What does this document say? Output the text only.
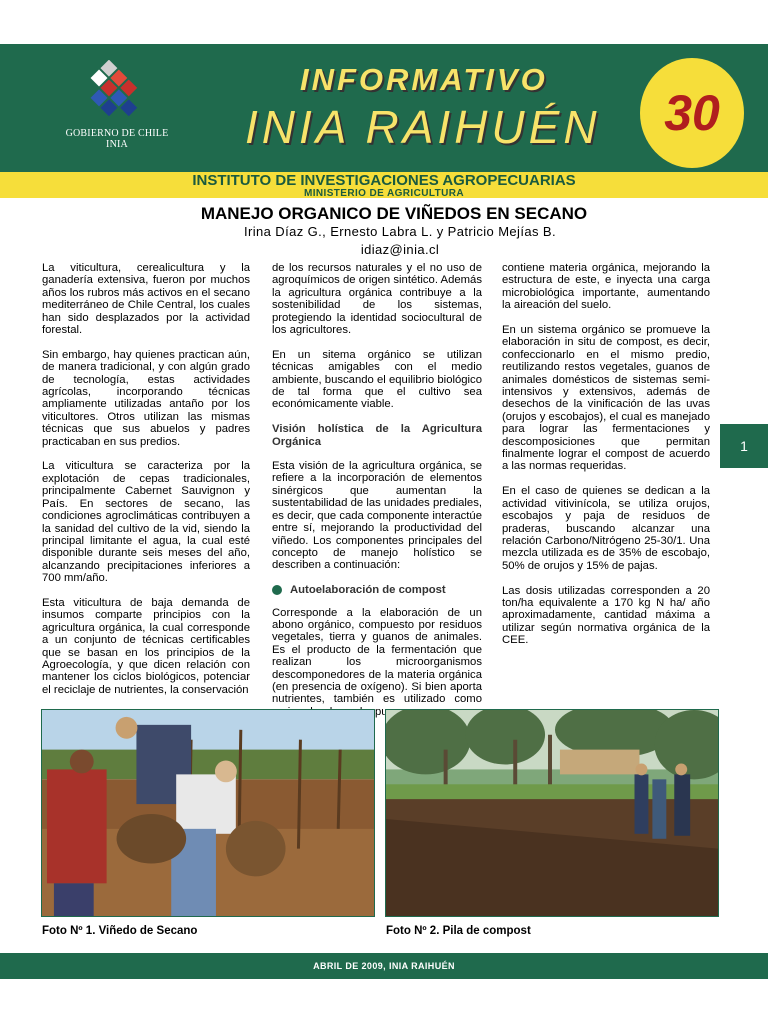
GOBIERNO DE CHILE
INIA
INFORMATIVO
INIA RAIHUÉN 30
INSTITUTO DE INVESTIGACIONES AGROPECUARIAS
MINISTERIO DE AGRICULTURA
MANEJO ORGANICO DE VIÑEDOS EN SECANO
Irina Díaz G., Ernesto Labra L. y Patricio Mejías B.
idiaz@inia.cl

La viticultura, cerealicultura y la ganadería extensiva, fueron por muchos años los rubros más activos en el secano mediterráneo de Chile Central, los cuales han sido desplazados por la actividad forestal.

Sin embargo, hay quienes practican aún, de manera tradicional, y con algún grado de tecnología, estas actividades agrícolas, incorporando técnicas ampliamente utilizadas antaño por los viticultores. Otros utilizan las mismas técnicas que sus abuelos y padres practicaban en sus predios.

La viticultura se caracteriza por la explotación de cepas tradicionales, principalmente Cabernet Sauvignon y País. En sectores de secano, las condiciones agroclimáticas contribuyen a la sanidad del cultivo de la vid, siendo la principal limitante el agua, la cual esté disponible durante seis meses del año, alcanzando precipitaciones inferiores a 700 mm/año.

Esta viticultura de baja demanda de insumos comparte principios con la agricultura orgánica, la cual corresponde a un conjunto de técnicas certificables que se basan en los principios de la Agroecología, y que dicen relación con mantener los ciclos biológicos, potenciar el reciclaje de nutrientes, la conservación

de los recursos naturales y el no uso de agroquímicos de origen sintético. Además la agricultura orgánica contribuye a la sostenibilidad de los sistemas, protegiendo la identidad sociocultural de los agricultores.

En un sitema orgánico se utilizan técnicas amigables con el medio ambiente, buscando el equilibrio biológico de tal forma que el cultivo sea económicamente viable.

Visión holística de la Agricultura Orgánica

Esta visión de la agricultura orgánica, se refiere a la incorporación de elementos sinérgicos que aumentan la sustentabilidad de las unidades prediales, es decir, que cada componente interactúe entre sí, mejorando la productividad del viñedo. Los componentes principales del concepto de manejo holístico se describen a continuación:

Autoelaboración de compost

Corresponde a la elaboración de un abono orgánico, compuesto por residuos vegetales, tierra y guanos de animales. Es el producto de la fermentación que realizan los microorganismos descomponedores de la materia orgánica (en presencia de oxígeno). Si bien aporta nutrientes, también es utilizado como

contiene materia orgánica, mejorando la estructura de este, e inyecta una carga microbiológica importante, aumentando la aireación del suelo.

En un sistema orgánico se promueve la elaboración in situ de compost, es decir, confeccionarlo en el mismo predio, reutilizando restos vegetales, guanos de animales domésticos de sistemas semi-intensivos y extensivos, además de desechos de la vinificación de las uvas (orujos y escobajos), el cual es manejado para lograr las fermentaciones y descomposiciones que permitan finalmente lograr el compost de acuerdo a las normas requeridas.

En el caso de quienes se dedican a la actividad vitivinícola, se utiliza orujos, escobajos y paja de residuos de praderas, buscando alcanzar una relación Carbono/Nitrógeno 25-30/1. Una mezcla utilizada es de 35% de escobajo, 50% de orujos y 15% de pajas.

Las dosis utilizadas corresponden a 20 ton/ha equivalente a 170 kg N ha/ año aproximadamente, cantidad máxima a utilizar según normativa orgánica de la CEE.

1
Foto Nº 1. Viñedo de Secano	Foto Nº 2. Pila de compost
ABRIL DE 2009, INIA RAIHUÉN
